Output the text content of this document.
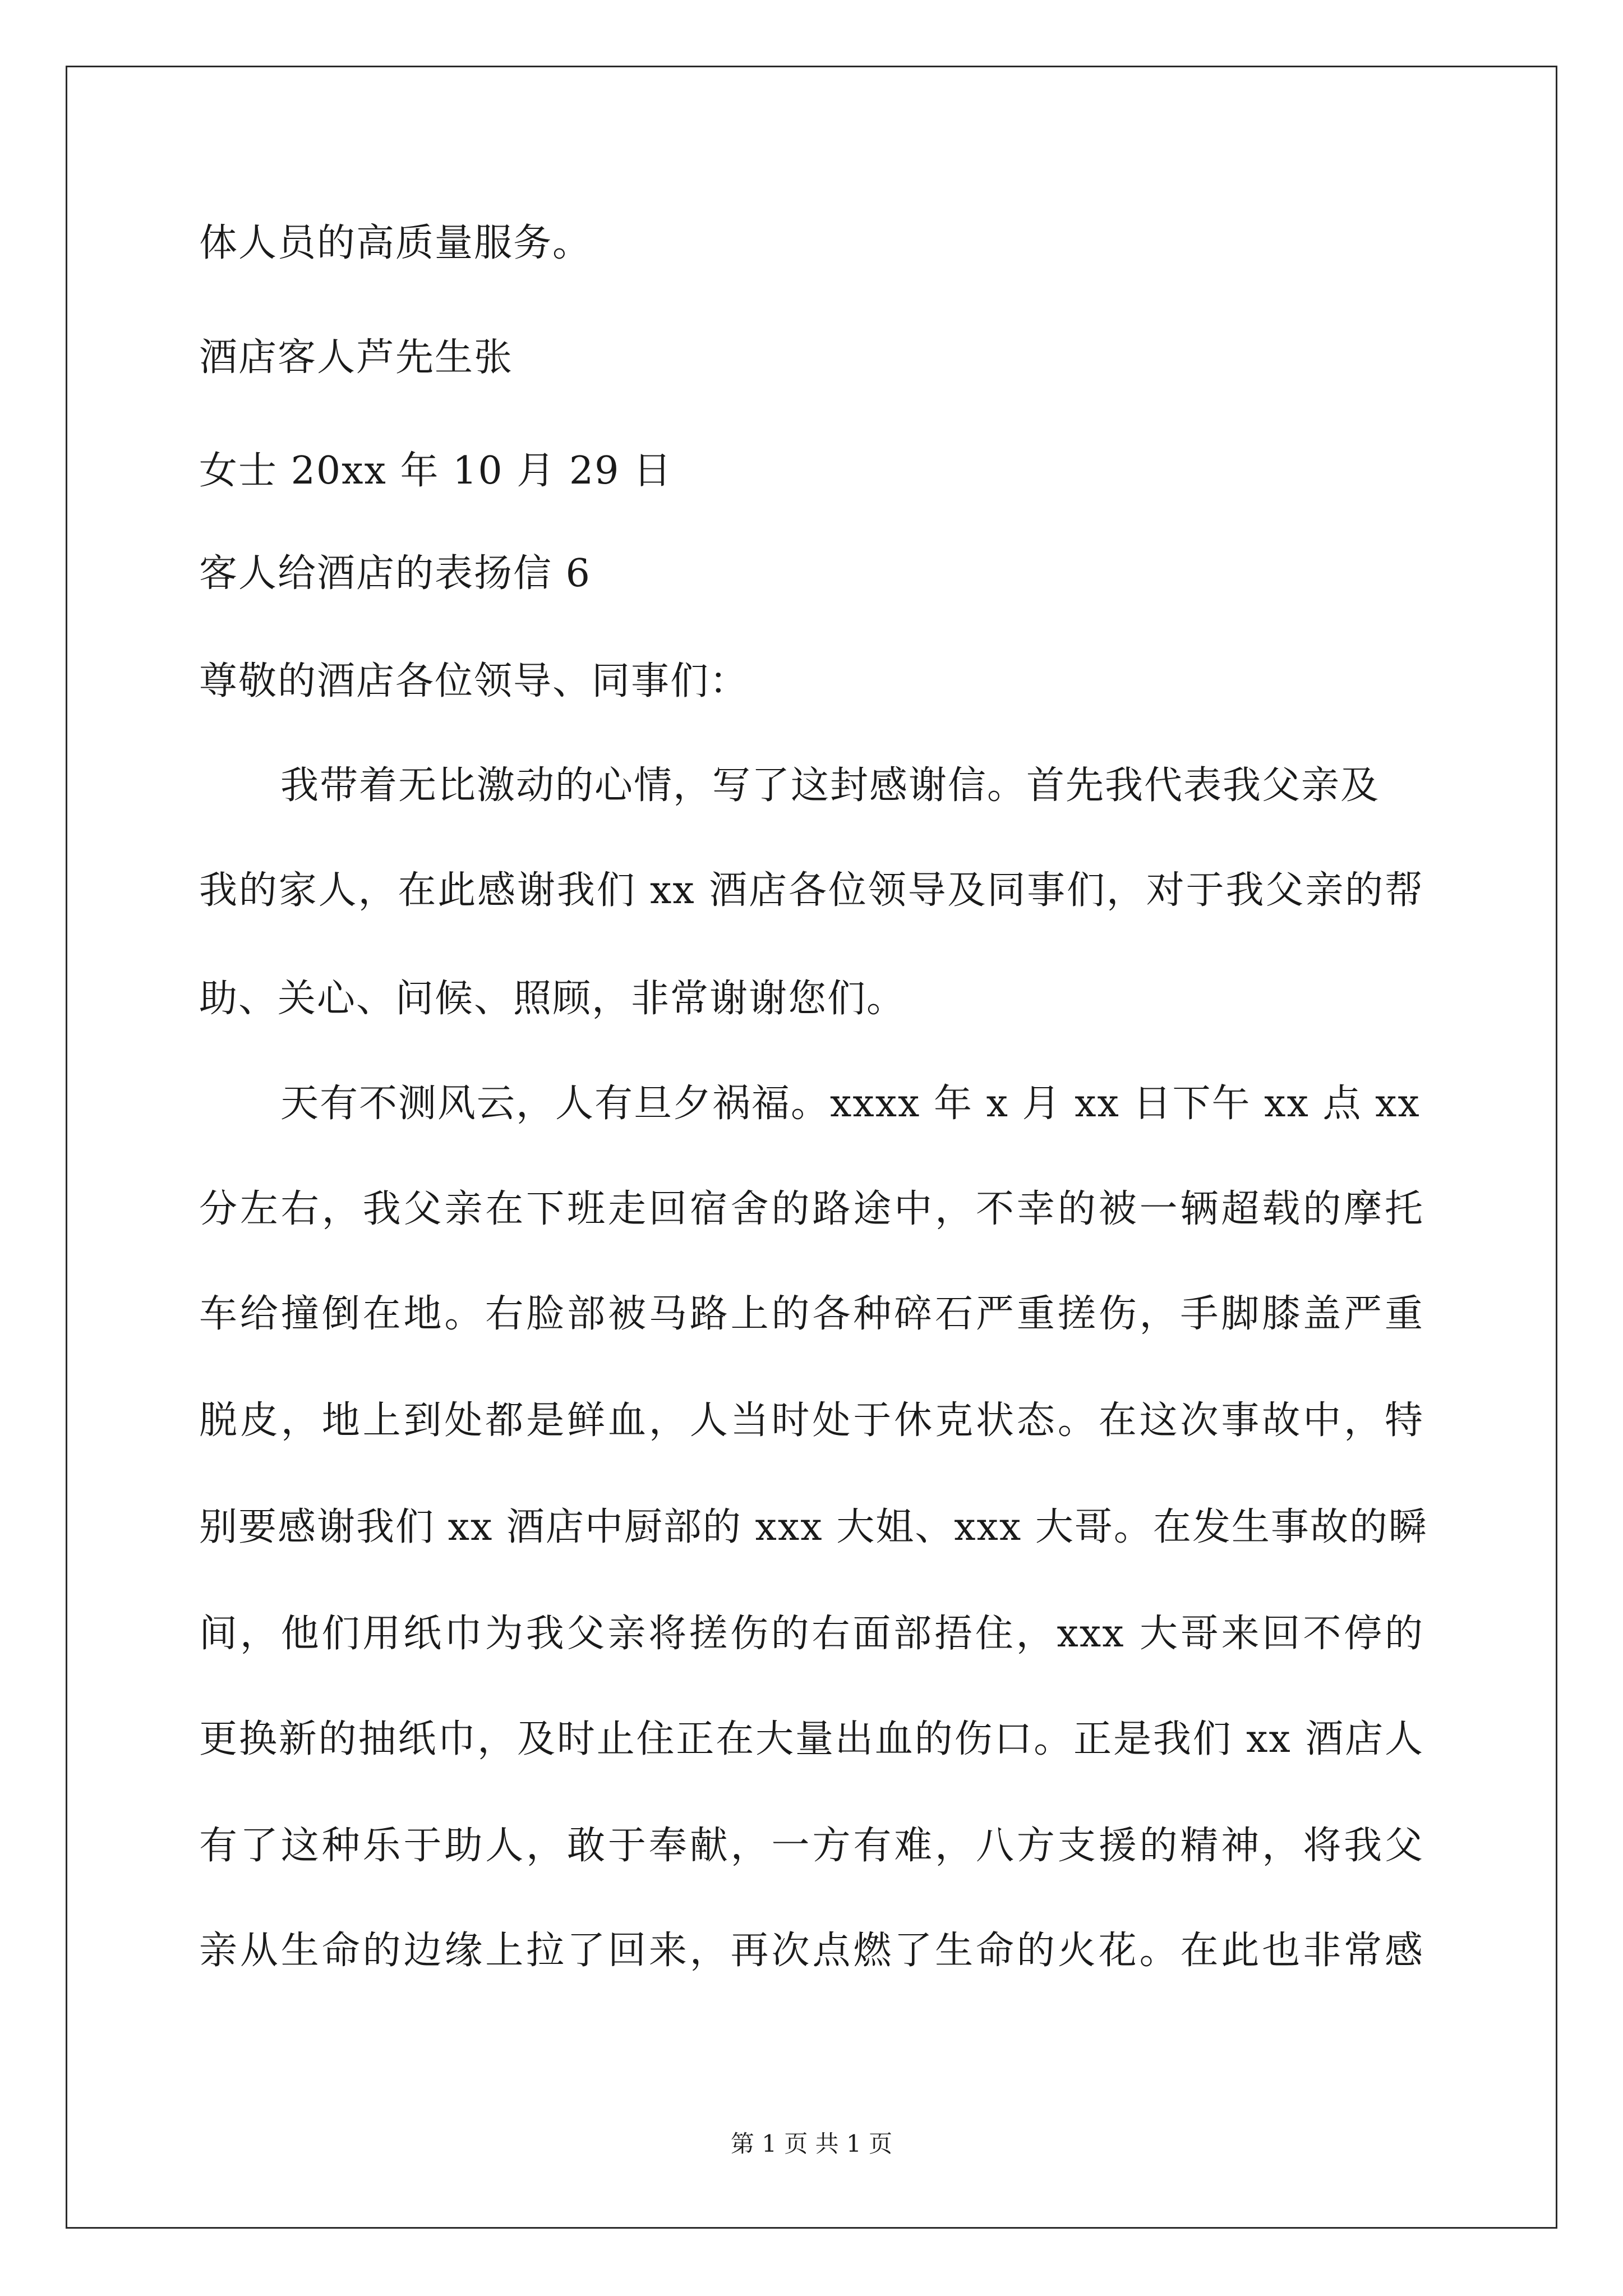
体人员的高质量服务。
酒店客人芦先生张
女士 20xx 年 10 月 29 日
客人给酒店的表扬信 6
尊敬的酒店各位领导、同事们：
我带着无比激动的心情，写了这封感谢信。首先我代表我父亲及
我的家人，在此感谢我们 xx 酒店各位领导及同事们，对于我父亲的帮
助、关心、问候、照顾，非常谢谢您们。
天有不测风云，人有旦夕祸福。xxxx 年 x 月 xx 日下午 xx 点 xx
分左右，我父亲在下班走回宿舍的路途中，不幸的被一辆超载的摩托
车给撞倒在地。右脸部被马路上的各种碎石严重搓伤，手脚膝盖严重
脱皮，地上到处都是鲜血，人当时处于休克状态。在这次事故中，特
别要感谢我们 xx 酒店中厨部的 xxx 大姐、xxx 大哥。在发生事故的瞬
间，他们用纸巾为我父亲将搓伤的右面部捂住，xxx 大哥来回不停的
更换新的抽纸巾，及时止住正在大量出血的伤口。正是我们 xx 酒店人
有了这种乐于助人，敢于奉献，一方有难，八方支援的精神，将我父
亲从生命的边缘上拉了回来，再次点燃了生命的火花。在此也非常感
第 1 页 共 1 页
